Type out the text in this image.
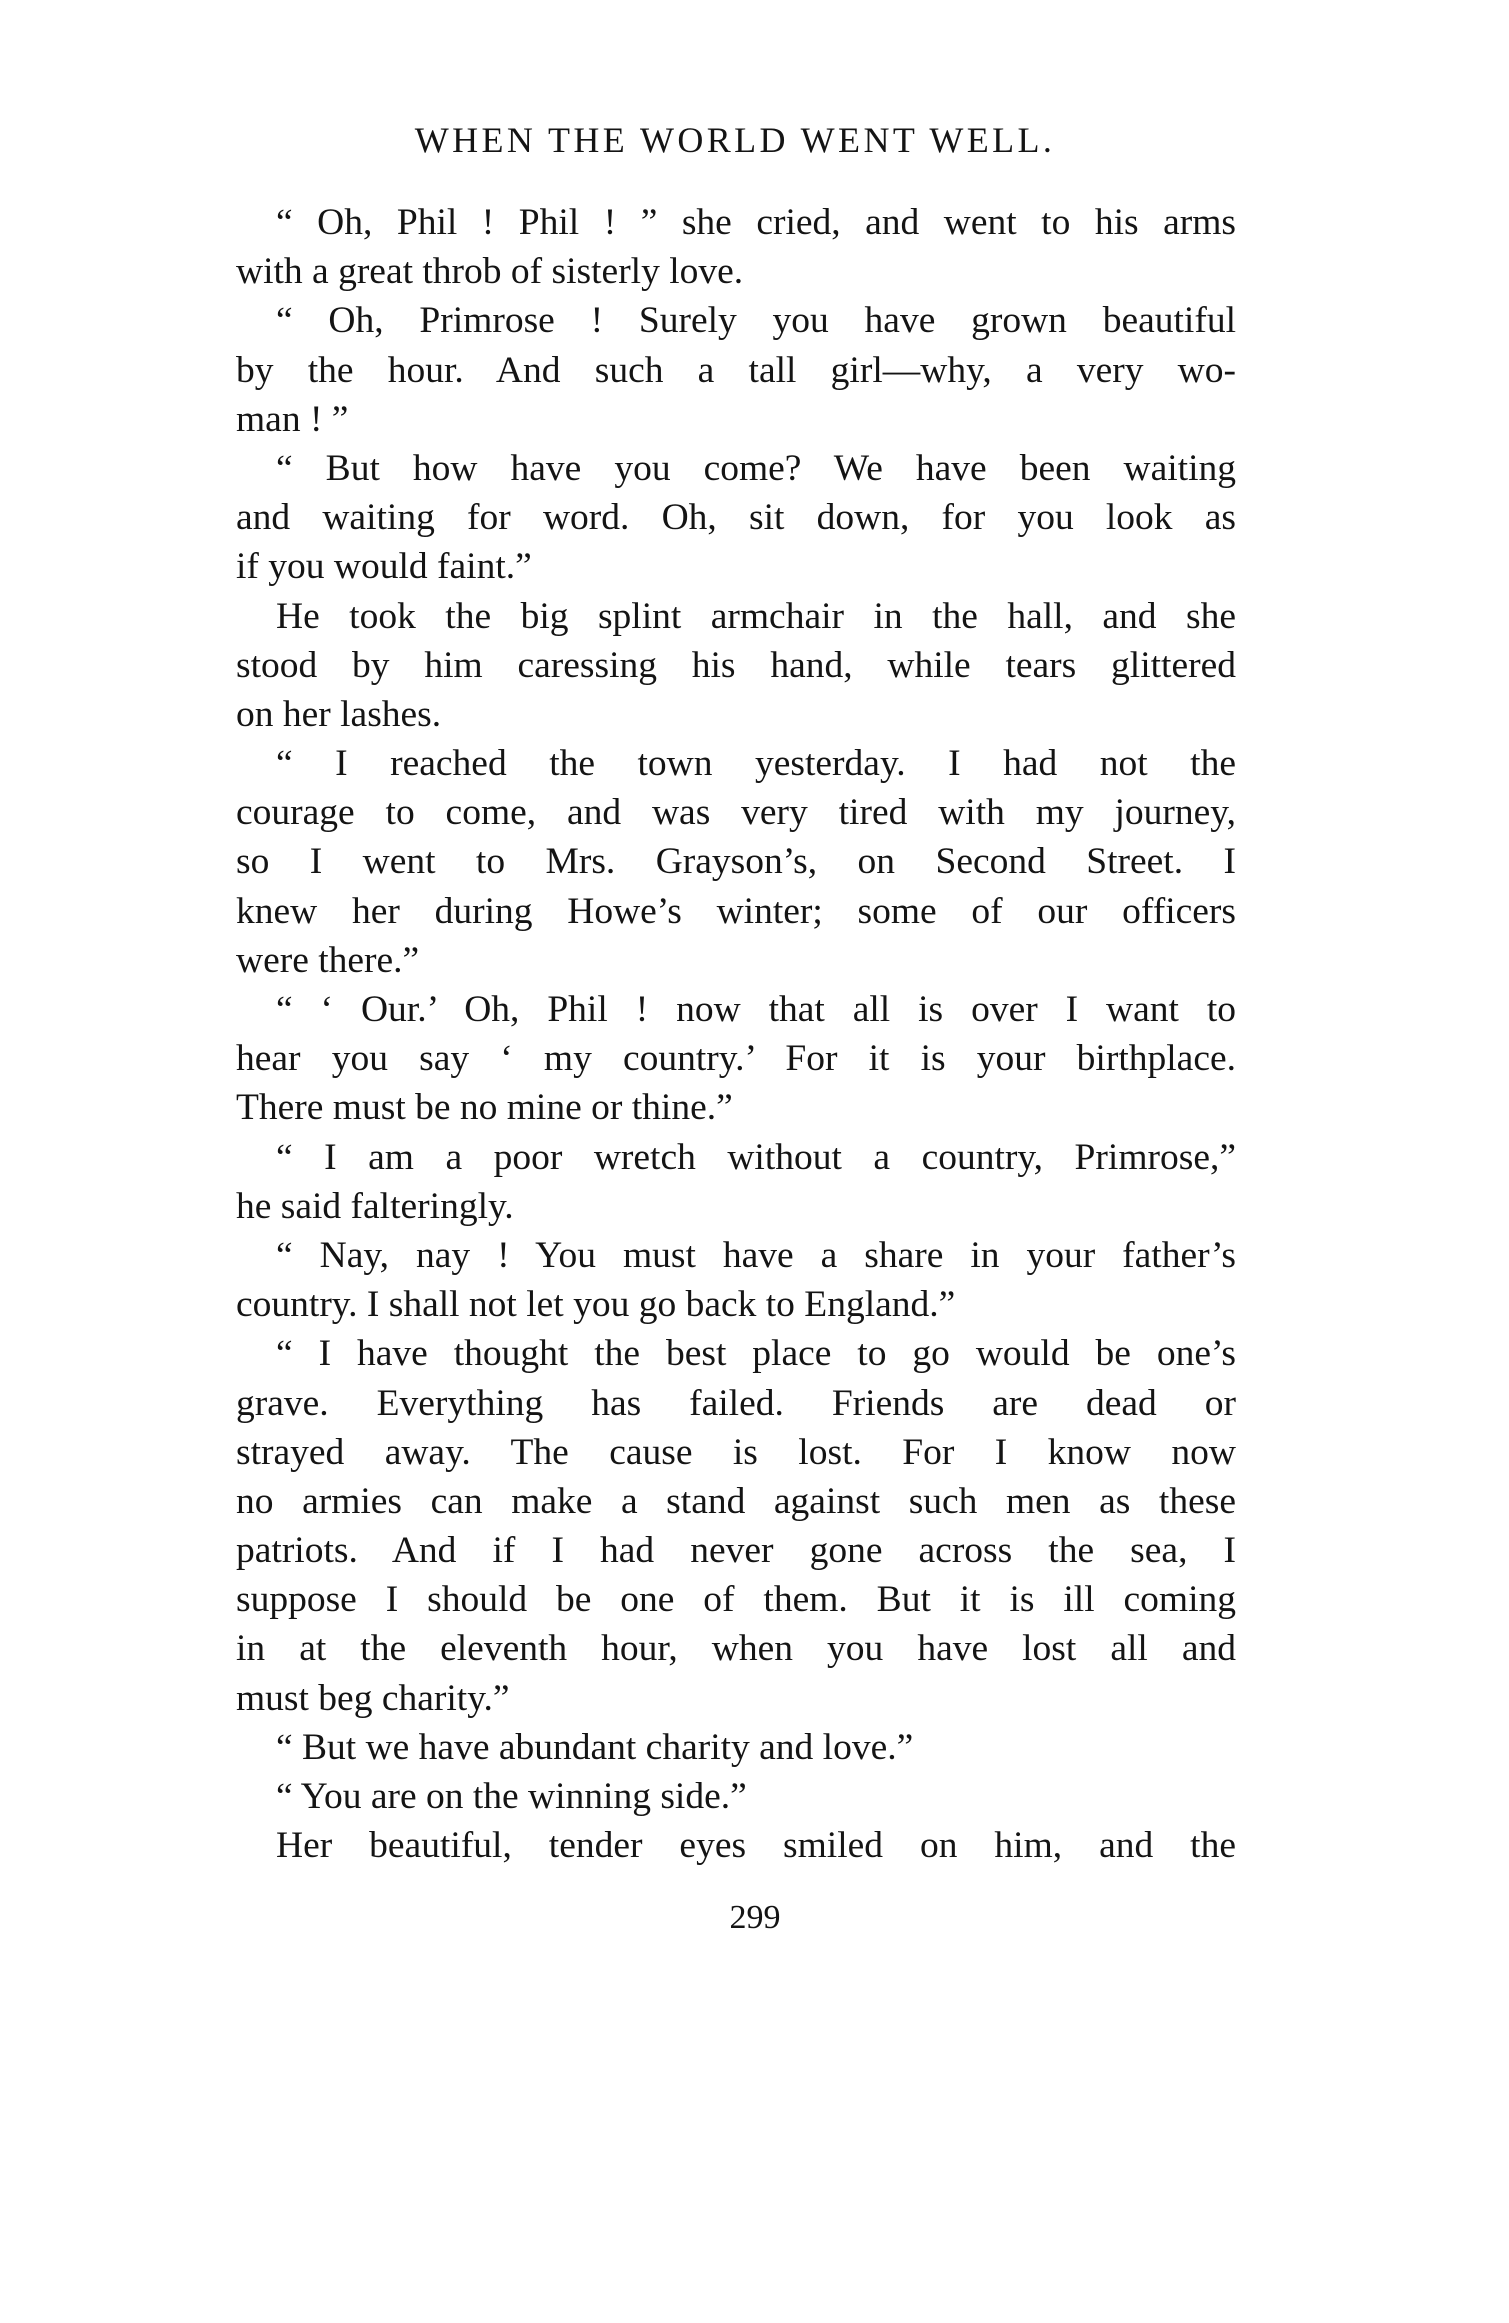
WHEN THE WORLD WENT WELL.
“ Oh, Phil ! Phil ! ” she cried, and went to his arms
with a great throb of sisterly love.
“ Oh, Primrose ! Surely you have grown beautiful
by the hour. And such a tall girl—why, a very wo-
man ! ”
“ But how have you come? We have been waiting
and waiting for word. Oh, sit down, for you look as
if you would faint.”
He took the big splint armchair in the hall, and she
stood by him caressing his hand, while tears glittered
on her lashes.
“ I reached the town yesterday. I had not the
courage to come, and was very tired with my journey,
so I went to Mrs. Grayson’s, on Second Street. I
knew her during Howe’s winter; some of our officers
were there.”
“ ‘ Our.’ Oh, Phil ! now that all is over I want to
hear you say ‘ my country.’ For it is your birthplace.
There must be no mine or thine.”
“ I am a poor wretch without a country, Primrose,”
he said falteringly.
“ Nay, nay ! You must have a share in your father’s
country. I shall not let you go back to England.”
“ I have thought the best place to go would be one’s
grave. Everything has failed. Friends are dead or
strayed away. The cause is lost. For I know now
no armies can make a stand against such men as these
patriots. And if I had never gone across the sea, I
suppose I should be one of them. But it is ill coming
in at the eleventh hour, when you have lost all and
must beg charity.”
“ But we have abundant charity and love.”
“ You are on the winning side.”
Her beautiful, tender eyes smiled on him, and the
299
